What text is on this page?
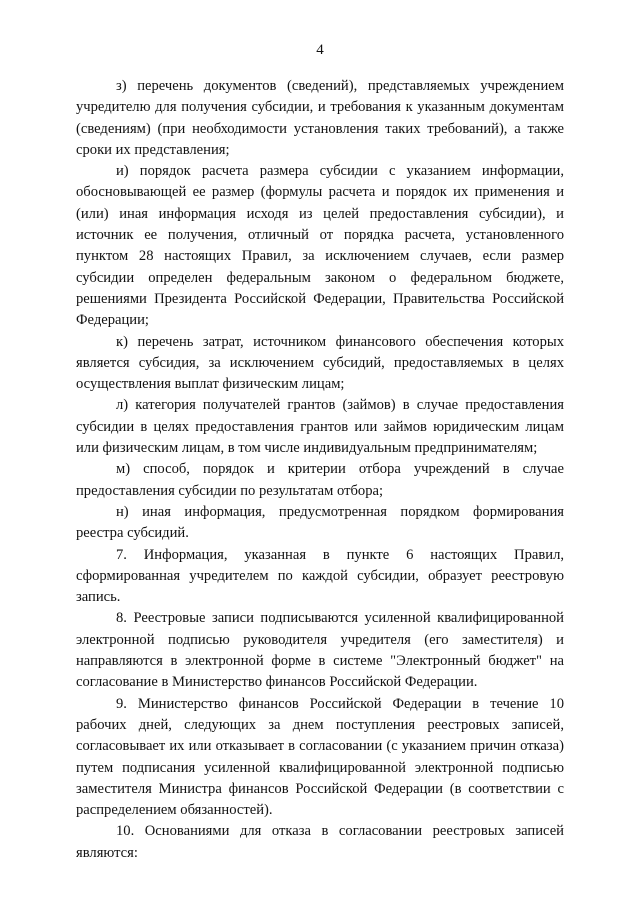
4

з) перечень документов (сведений), представляемых учреждением учредителю для получения субсидии, и требования к указанным документам (сведениям) (при необходимости установления таких требований), а также сроки их представления;

и) порядок расчета размера субсидии с указанием информации, обосновывающей ее размер (формулы расчета и порядок их применения и (или) иная информация исходя из целей предоставления субсидии), и источник ее получения, отличный от порядка расчета, установленного пунктом 28 настоящих Правил, за исключением случаев, если размер субсидии определен федеральным законом о федеральном бюджете, решениями Президента Российской Федерации, Правительства Российской Федерации;

к) перечень затрат, источником финансового обеспечения которых является субсидия, за исключением субсидий, предоставляемых в целях осуществления выплат физическим лицам;

л) категория получателей грантов (займов) в случае предоставления субсидии в целях предоставления грантов или займов юридическим лицам или физическим лицам, в том числе индивидуальным предпринимателям;

м) способ, порядок и критерии отбора учреждений в случае предоставления субсидии по результатам отбора;

н) иная информация, предусмотренная порядком формирования реестра субсидий.

7. Информация, указанная в пункте 6 настоящих Правил, сформированная учредителем по каждой субсидии, образует реестровую запись.

8. Реестровые записи подписываются усиленной квалифицированной электронной подписью руководителя учредителя (его заместителя) и направляются в электронной форме в системе "Электронный бюджет" на согласование в Министерство финансов Российской Федерации.

9. Министерство финансов Российской Федерации в течение 10 рабочих дней, следующих за днем поступления реестровых записей, согласовывает их или отказывает в согласовании (с указанием причин отказа) путем подписания усиленной квалифицированной электронной подписью заместителя Министра финансов Российской Федерации (в соответствии с распределением обязанностей).

10. Основаниями для отказа в согласовании реестровых записей являются:
